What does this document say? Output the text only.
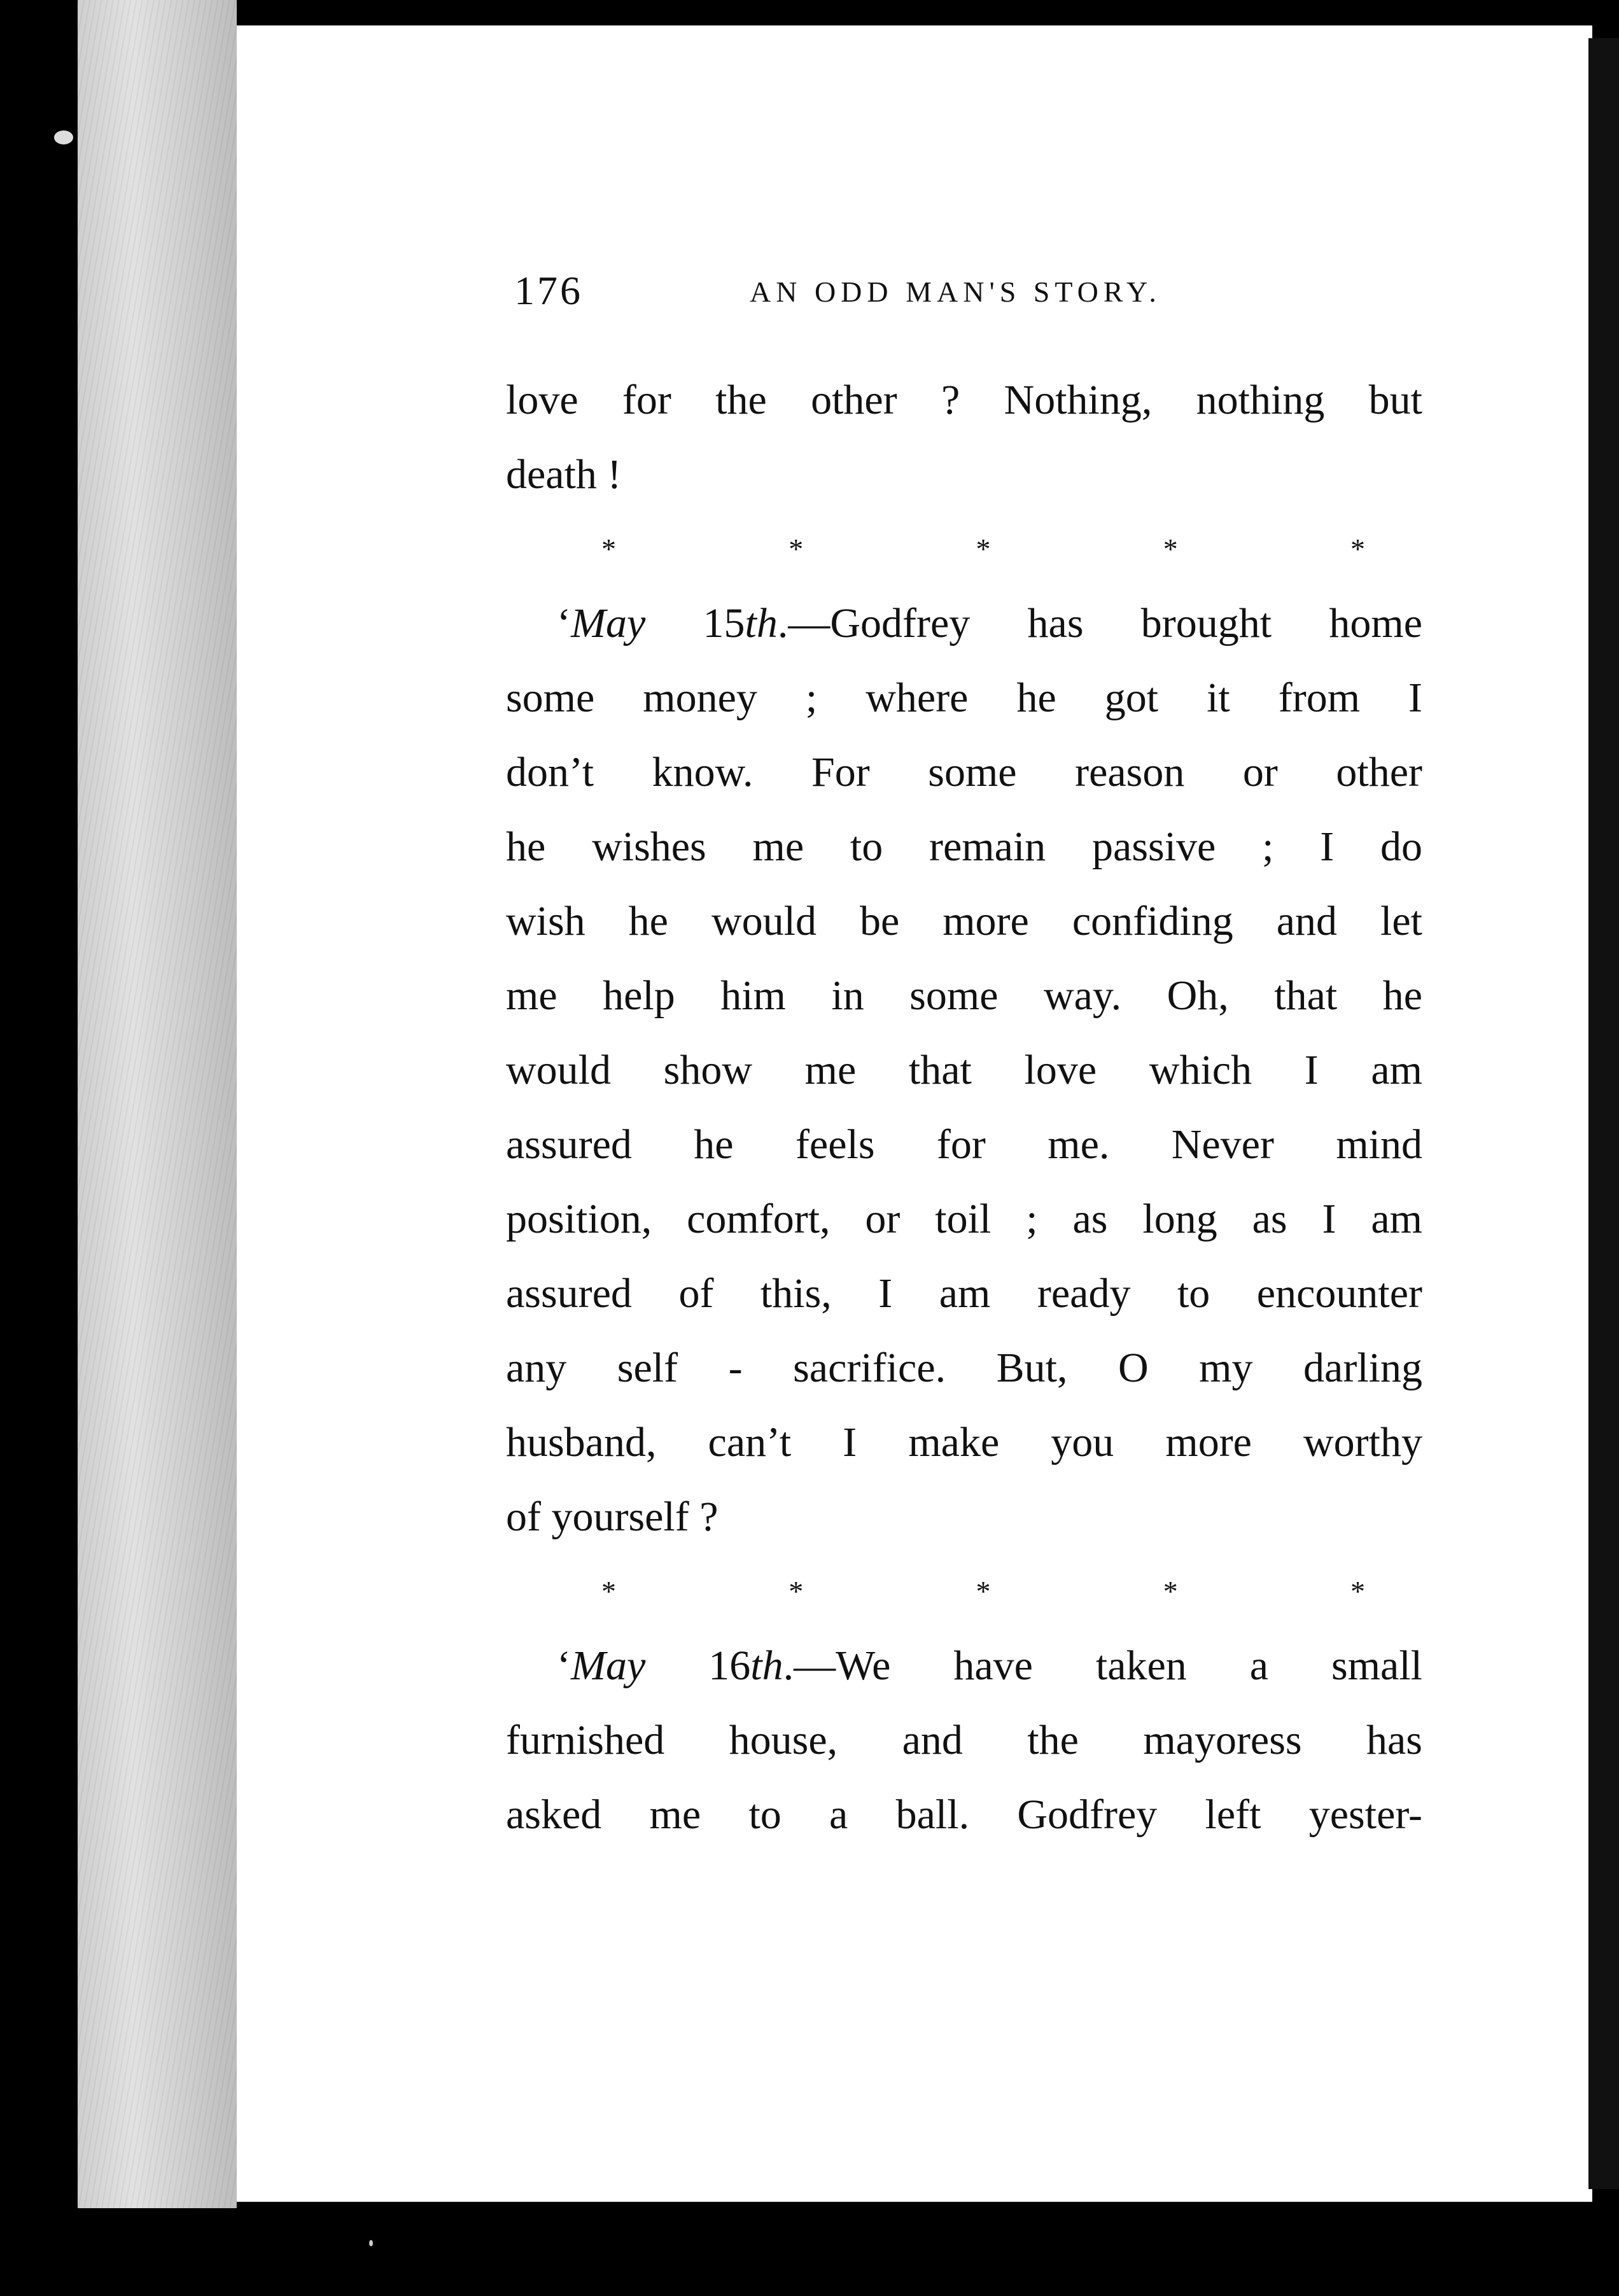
176	AN ODD MAN'S STORY.
love for the other ? Nothing, nothing but
death !
*	*	*	*	*
‘May 15th.—Godfrey has brought home
some money ; where he got it from I
don’t know. For some reason or other
he wishes me to remain passive ; I do
wish he would be more confiding and let
me help him in some way. Oh, that he
would show me that love which I am
assured he feels for me. Never mind
position, comfort, or toil ; as long as I am
assured of this, I am ready to encounter
any self - sacrifice. But, O my darling
husband, can’t I make you more worthy
of yourself ?
*	*	*	*	*
‘May 16th.—We have taken a small
furnished house, and the mayoress has
asked me to a ball. Godfrey left yester-
